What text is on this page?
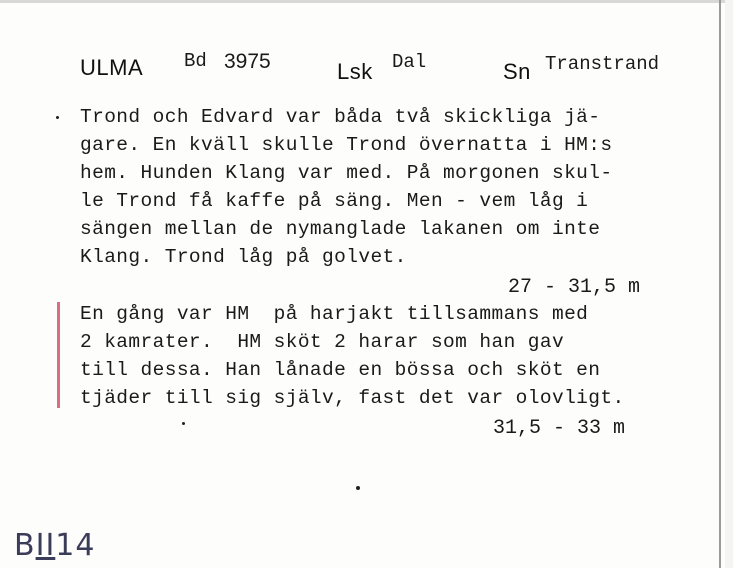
ULMA Bd 3975	Lsk Dal	Sn Transtrand
Trond och Edvard var båda två skickliga jä-
gare. En kväll skulle Trond övernatta i HM:s
hem. Hunden Klang var med. På morgonen skul-
le Trond få kaffe på säng. Men - vem låg i
sängen mellan de nymanglade lakanen om inte
Klang. Trond låg på golvet.
27 - 31,5 m
En gång var HM  på harjakt tillsammans med
2 kamrater.  HM sköt 2 harar som han gav
till dessa. Han lånade en bössa och sköt en
tjäder till sig själv, fast det var olovligt.
31,5 - 33 m
BII14
